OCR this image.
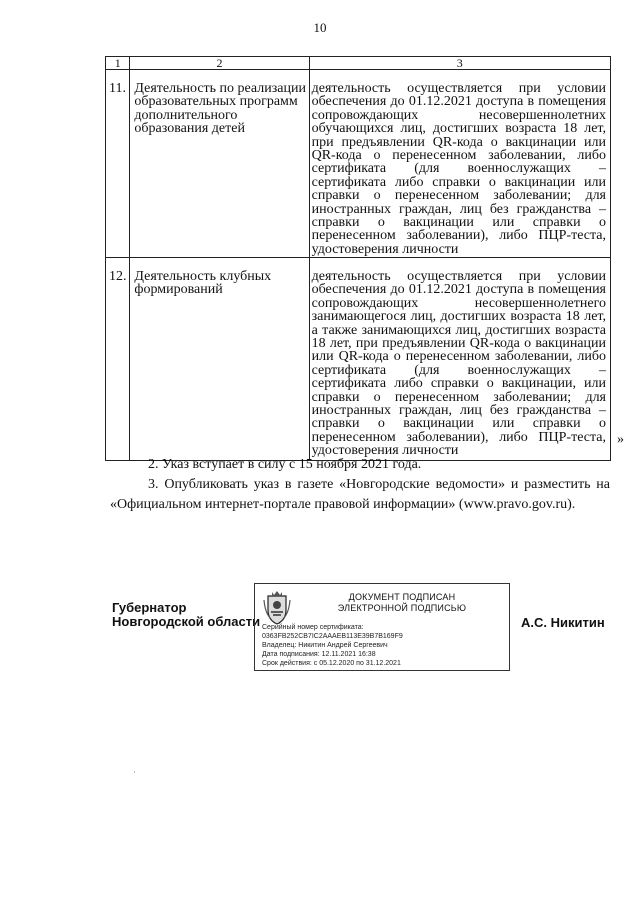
10
1	2	3
11.	Деятельность по реализации образовательных программ дополнительного образования детей	деятельность осуществляется при условии обеспечения до 01.12.2021 доступа в помещения сопровождающих несовершеннолетних обучающихся лиц, достигших возраста 18 лет, при предъявлении QR-кода о вакцинации или QR-кода о перенесенном заболевании, либо сертификата (для военнослужащих – сертификата либо справки о вакцинации или справки о перенесенном заболевании; для иностранных граждан, лиц без гражданства – справки о вакцинации или справки о перенесенном заболевании), либо ПЦР-теста, удостоверения личности
12.	Деятельность клубных формирований	деятельность осуществляется при условии обеспечения до 01.12.2021 доступа в помещения сопровождающих несовершеннолетнего занимающегося лиц, достигших возраста 18 лет, а также занимающихся лиц, достигших возраста 18 лет, при предъявлении QR-кода о вакцинации или QR-кода о перенесенном заболевании, либо сертификата (для военнослужащих – сертификата либо справки о вакцинации, или справки о перенесенном заболевании; для иностранных граждан, лиц без гражданства – справки о вакцинации или справки о перенесенном заболевании), либо ПЦР-теста, удостоверения личности
»
2. Указ вступает в силу с 15 ноября 2021 года.
3. Опубликовать указ в газете «Новгородские ведомости» и разместить на «Официальном интернет-портале правовой информации» (www.pravo.gov.ru).
Губернатор
Новгородской области
ДОКУМЕНТ ПОДПИСАН
ЭЛЕКТРОННОЙ ПОДПИСЬЮ
Серийный номер сертификата:
0363FB252CB7IC2AAAEB113E39B7B169F9
Владелец: Никитин Андрей Сергеевич
Дата подписания: 12.11.2021 16:38
Срок действия: с 05.12.2020 по 31.12.2021
А.С. Никитин
